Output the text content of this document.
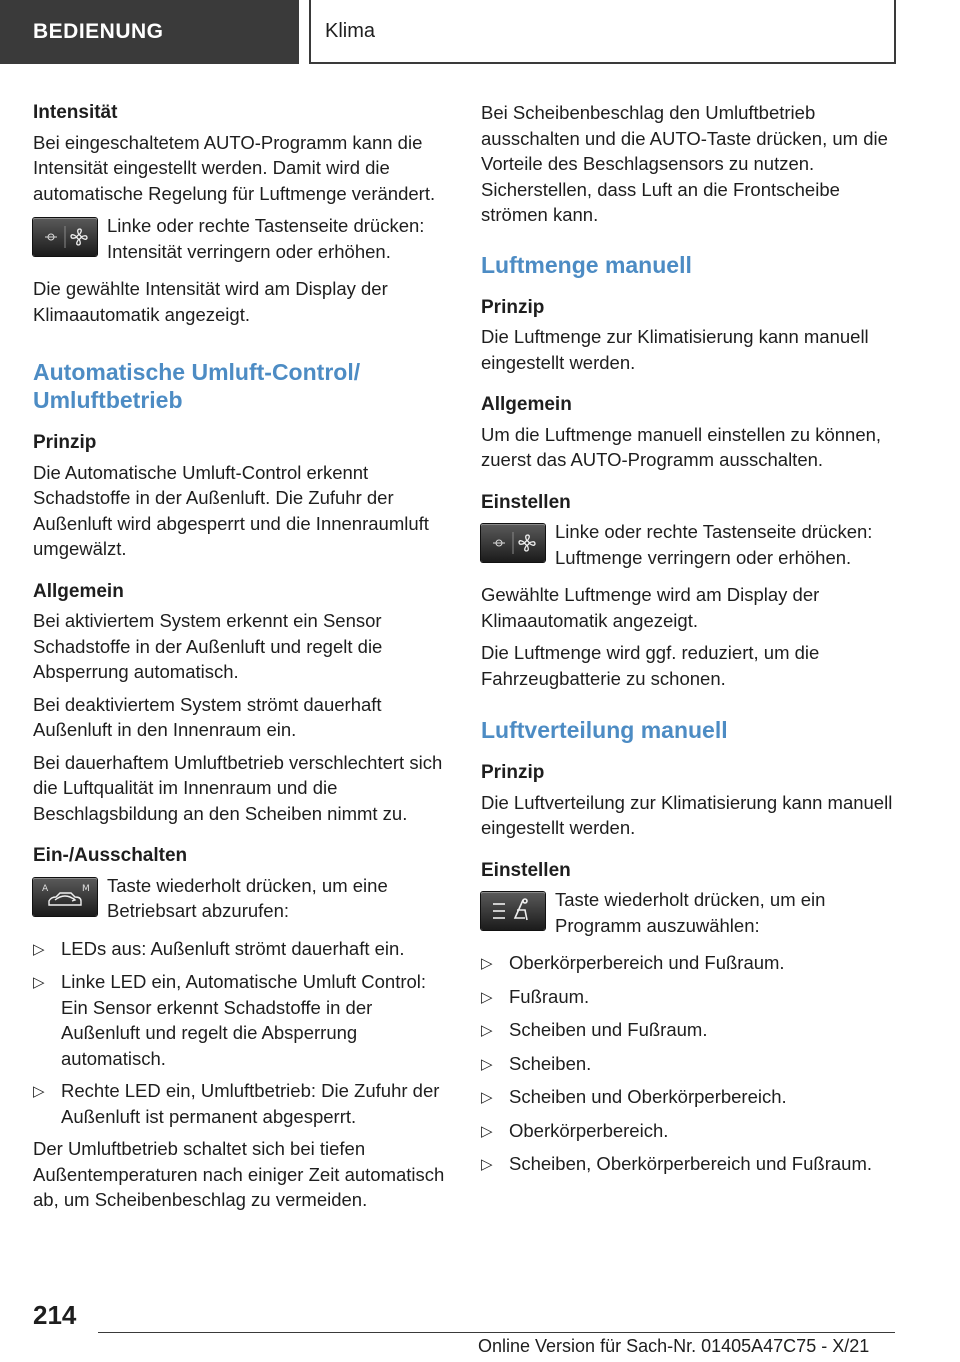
BEDIENUNG	Klima
Intensität
Bei eingeschaltetem AUTO-Programm kann die Intensität eingestellt werden. Damit wird die automatische Regelung für Luftmenge verändert.
Linke oder rechte Tastenseite drücken: Intensität verringern oder erhöhen.
Die gewählte Intensität wird am Display der Klimaautomatik angezeigt.
Automatische Umluft-Control/ Umluftbetrieb
Prinzip
Die Automatische Umluft-Control erkennt Schadstoffe in der Außenluft. Die Zufuhr der Außenluft wird abgesperrt und die Innenraumluft umgewälzt.
Allgemein
Bei aktiviertem System erkennt ein Sensor Schadstoffe in der Außenluft und regelt die Absperrung automatisch.
Bei deaktiviertem System strömt dauerhaft Außenluft in den Innenraum ein.
Bei dauerhaftem Umluftbetrieb verschlechtert sich die Luftqualität im Innenraum und die Beschlagsbildung an den Scheiben nimmt zu.
Ein-/Ausschalten
A	M Taste wiederholt drücken, um eine Betriebsart abzurufen:
▷ LEDs aus: Außenluft strömt dauerhaft ein.
▷ Linke LED ein, Automatische Umluft Control: Ein Sensor erkennt Schadstoffe in der Außenluft und regelt die Absperrung automatisch.
▷ Rechte LED ein, Umluftbetrieb: Die Zufuhr der Außenluft ist permanent abgesperrt.
Der Umluftbetrieb schaltet sich bei tiefen Außentemperaturen nach einiger Zeit automatisch ab, um Scheibenbeschlag zu vermeiden.
Bei Scheibenbeschlag den Umluftbetrieb ausschalten und die AUTO-Taste drücken, um die Vorteile des Beschlagsensors zu nutzen. Sicherstellen, dass Luft an die Frontscheibe strömen kann.
Luftmenge manuell
Prinzip
Die Luftmenge zur Klimatisierung kann manuell eingestellt werden.
Allgemein
Um die Luftmenge manuell einstellen zu können, zuerst das AUTO-Programm ausschalten.
Einstellen
Linke oder rechte Tastenseite drücken: Luftmenge verringern oder erhöhen.
Gewählte Luftmenge wird am Display der Klimaautomatik angezeigt.
Die Luftmenge wird ggf. reduziert, um die Fahrzeugbatterie zu schonen.
Luftverteilung manuell
Prinzip
Die Luftverteilung zur Klimatisierung kann manuell eingestellt werden.
Einstellen
Taste wiederholt drücken, um ein Programm auszuwählen:
▷ Oberkörperbereich und Fußraum.
▷ Fußraum.
▷ Scheiben und Fußraum.
▷ Scheiben.
▷ Scheiben und Oberkörperbereich.
▷ Oberkörperbereich.
▷ Scheiben, Oberkörperbereich und Fußraum.
214
Online Version für Sach-Nr. 01405A47C75 - X/21
